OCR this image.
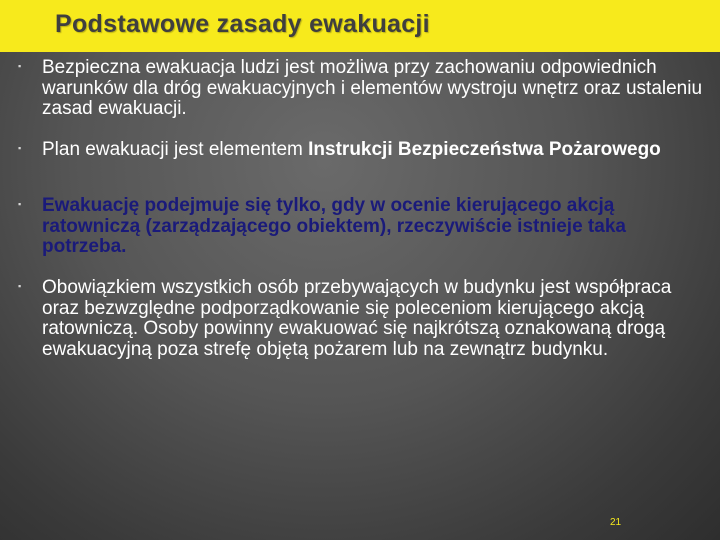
Podstawowe zasady ewakuacji
▪ Bezpieczna ewakuacja ludzi jest możliwa przy zachowaniu odpowiednich warunków dla dróg ewakuacyjnych i elementów wystroju wnętrz oraz ustaleniu zasad ewakuacji.
▪ Plan ewakuacji jest elementem Instrukcji Bezpieczeństwa Pożarowego
▪ Ewakuację podejmuje się tylko, gdy w ocenie kierującego akcją ratowniczą (zarządzającego obiektem), rzeczywiście istnieje taka potrzeba.
▪ Obowiązkiem wszystkich osób przebywających w budynku jest współpraca oraz bezwzględne podporządkowanie się poleceniom kierującego akcją ratowniczą. Osoby powinny ewakuować się najkrótszą oznakowaną drogą ewakuacyjną poza strefę objętą pożarem lub na zewnątrz budynku.
21
